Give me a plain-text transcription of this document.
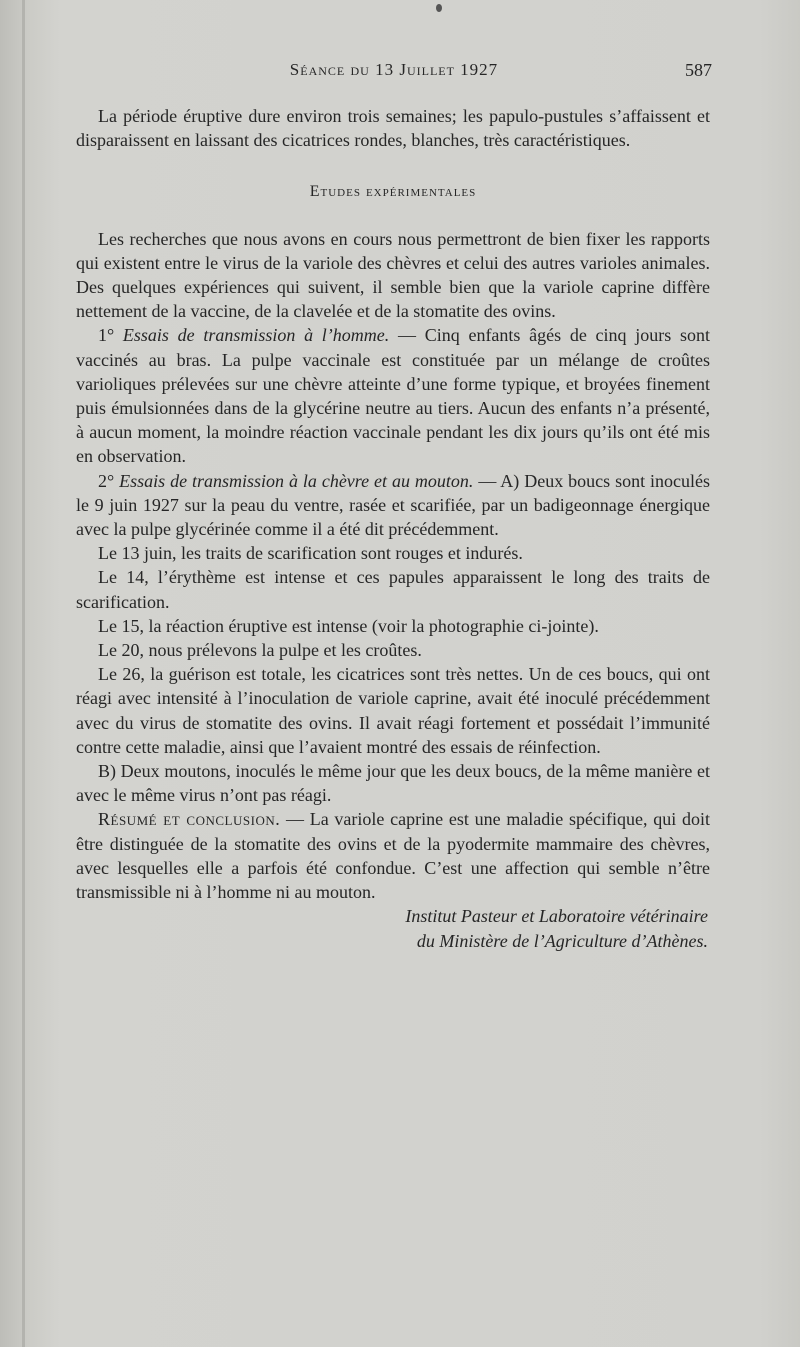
Séance du 13 Juillet 1927	587

La période éruptive dure environ trois semaines; les papulo-pustules s’affaissent et disparaissent en laissant des cicatrices rondes, blanches, très caractéristiques.

Etudes expérimentales

Les recherches que nous avons en cours nous permettront de bien fixer les rapports qui existent entre le virus de la variole des chèvres et celui des autres varioles animales. Des quelques expériences qui suivent, il semble bien que la variole caprine diffère nettement de la vaccine, de la clavelée et de la stomatite des ovins.

1° Essais de transmission à l’homme. — Cinq enfants âgés de cinq jours sont vaccinés au bras. La pulpe vaccinale est constituée par un mélange de croûtes varioliques prélevées sur une chèvre atteinte d’une forme typique, et broyées finement puis émulsionnées dans de la glycérine neutre au tiers. Aucun des enfants n’a présenté, à aucun moment, la moindre réaction vaccinale pendant les dix jours qu’ils ont été mis en observation.

2° Essais de transmission à la chèvre et au mouton. — A) Deux boucs sont inoculés le 9 juin 1927 sur la peau du ventre, rasée et scarifiée, par un badigeonnage énergique avec la pulpe glycérinée comme il a été dit précédemment.

Le 13 juin, les traits de scarification sont rouges et indurés.

Le 14, l’érythème est intense et ces papules apparaissent le long des traits de scarification.

Le 15, la réaction éruptive est intense (voir la photographie ci-jointe).

Le 20, nous prélevons la pulpe et les croûtes.

Le 26, la guérison est totale, les cicatrices sont très nettes. Un de ces boucs, qui ont réagi avec intensité à l’inoculation de variole caprine, avait été inoculé précédemment avec du virus de stomatite des ovins. Il avait réagi fortement et possédait l’immunité contre cette maladie, ainsi que l’avaient montré des essais de réinfection.

B) Deux moutons, inoculés le même jour que les deux boucs, de la même manière et avec le même virus n’ont pas réagi.

Résumé et conclusion. — La variole caprine est une maladie spécifique, qui doit être distinguée de la stomatite des ovins et de la pyodermite mammaire des chèvres, avec lesquelles elle a parfois été confondue. C’est une affection qui semble n’être transmissible ni à l’homme ni au mouton.

Institut Pasteur et Laboratoire vétérinaire

du Ministère de l’Agriculture d’Athènes.
